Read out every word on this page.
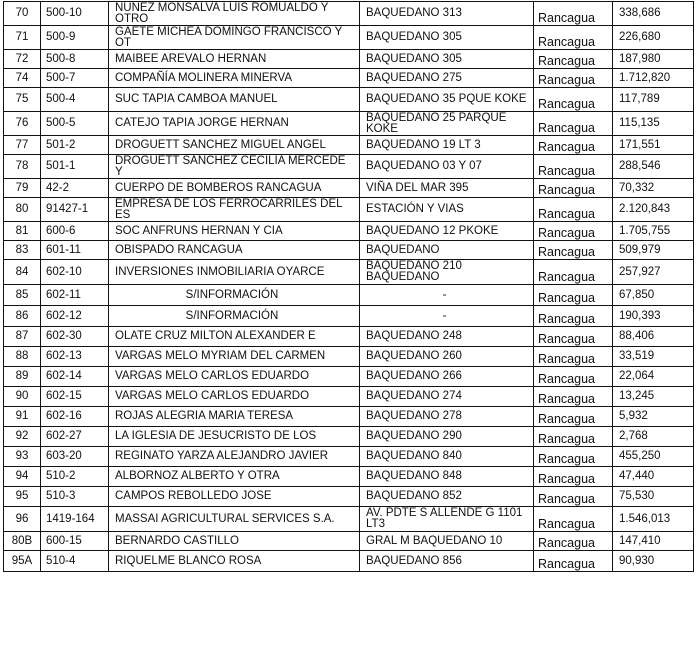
70	500-10	NUNEZ MONSALVA LUIS ROMUALDO Y OTRO	BAQUEDANO 313	Rancagua	338,686
71	500-9	GAETE MICHEA DOMINGO FRANCISCO Y OT	BAQUEDANO 305	Rancagua	226,680
72	500-8	MAIBEE AREVALO HERNAN	BAQUEDANO 305	Rancagua	187,980
74	500-7	COMPAÑÍA MOLINERA MINERVA	BAQUEDANO 275	Rancagua	1.712,820
75	500-4	SUC TAPIA CAMBOA MANUEL	BAQUEDANO 35 PQUE KOKE	Rancagua	117,789
76	500-5	CATEJO TAPIA JORGE HERNAN	BAQUEDANO 25 PARQUE KOKE	Rancagua	115,135
77	501-2	DROGUETT SANCHEZ MIGUEL ANGEL	BAQUEDANO 19 LT 3	Rancagua	171,551
78	501-1	DROGUETT SANCHEZ CECILIA MERCEDE Y	BAQUEDANO 03 Y 07	Rancagua	288,546
79	42-2	CUERPO DE BOMBEROS RANCAGUA	VIÑA DEL MAR 395	Rancagua	70,332
80	91427-1	EMPRESA DE LOS FERROCARRILES DEL ES	ESTACIÓN Y VIAS	Rancagua	2.120,843
81	600-6	SOC ANFRUNS HERNAN Y CIA	BAQUEDANO 12 PKOKE	Rancagua	1.705,755
83	601-11	OBISPADO RANCAGUA	BAQUEDANO	Rancagua	509,979
84	602-10	INVERSIONES INMOBILIARIA OYARCE	BAQUEDANO 210 BAQUEDANO	Rancagua	257,927
85	602-11	S/INFORMACIÓN	-	Rancagua	67,850
86	602-12	S/INFORMACIÓN	-	Rancagua	190,393
87	602-30	OLATE CRUZ MILTON ALEXANDER E	BAQUEDANO 248	Rancagua	88,406
88	602-13	VARGAS MELO MYRIAM DEL CARMEN	BAQUEDANO 260	Rancagua	33,519
89	602-14	VARGAS MELO CARLOS EDUARDO	BAQUEDANO 266	Rancagua	22,064
90	602-15	VARGAS MELO CARLOS EDUARDO	BAQUEDANO 274	Rancagua	13,245
91	602-16	ROJAS ALEGRIA MARIA TERESA	BAQUEDANO 278	Rancagua	5,932
92	602-27	LA IGLESIA DE JESUCRISTO DE LOS	BAQUEDANO 290	Rancagua	2,768
93	603-20	REGINATO YARZA ALEJANDRO JAVIER	BAQUEDANO 840	Rancagua	455,250
94	510-2	ALBORNOZ ALBERTO Y OTRA	BAQUEDANO 848	Rancagua	47,440
95	510-3	CAMPOS REBOLLEDO JOSE	BAQUEDANO 852	Rancagua	75,530
96	1419-164	MASSAI AGRICULTURAL SERVICES S.A.	AV. PDTE S ALLENDE G 1101 LT3	Rancagua	1.546,013
80B	600-15	BERNARDO CASTILLO	GRAL M BAQUEDANO 10	Rancagua	147,410
95A	510-4	RIQUELME BLANCO ROSA	BAQUEDANO 856	Rancagua	90,930
